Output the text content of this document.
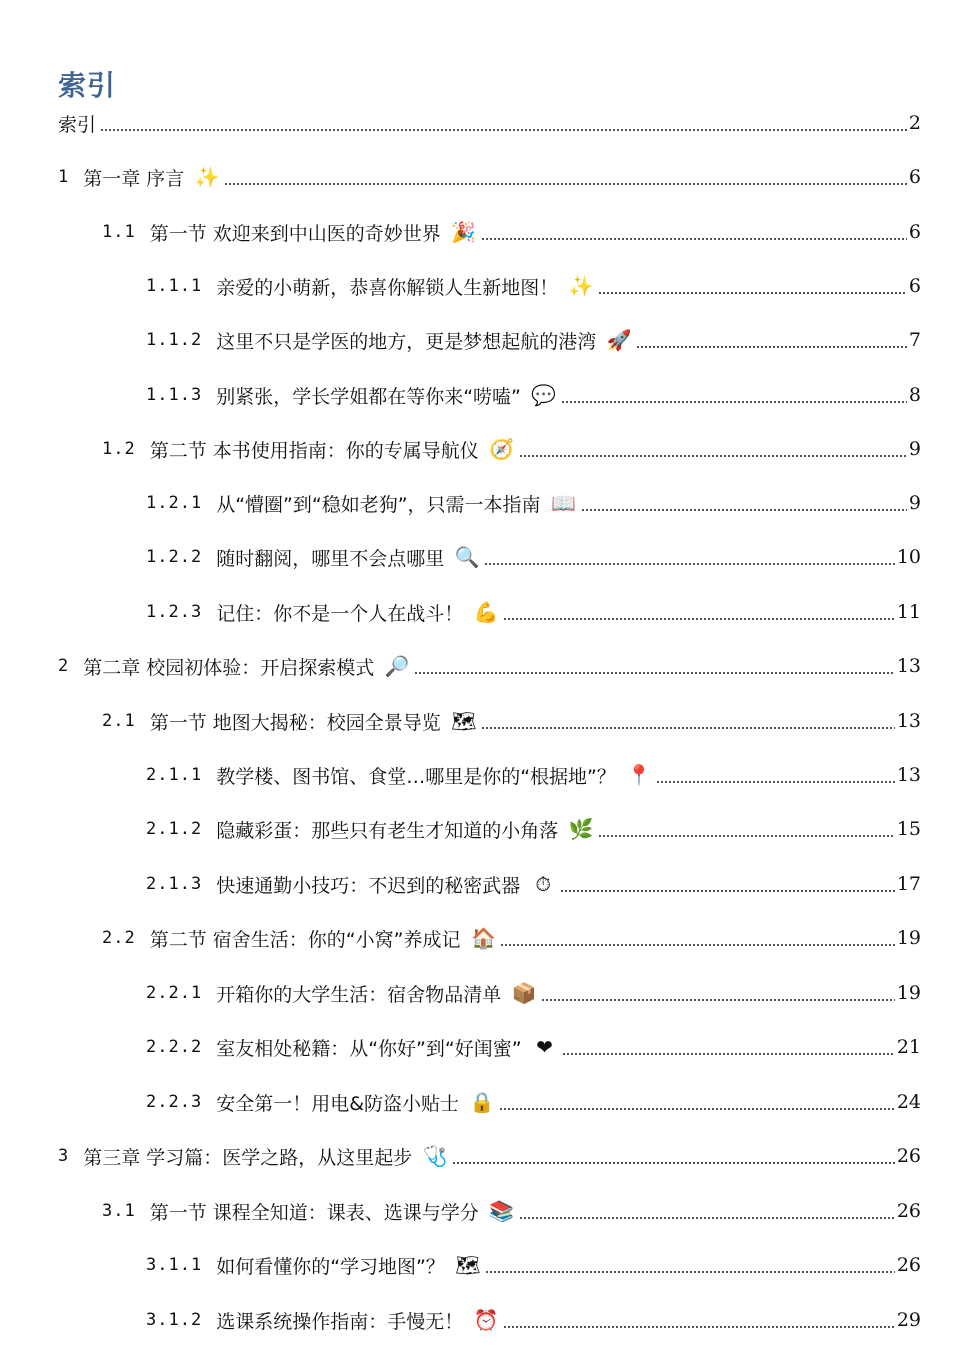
索引
索引	2
1 第一章 序言 ✨	6
1.1 第一节 欢迎来到中山医的奇妙世界 🎉	6
1.1.1 亲爱的小萌新，恭喜你解锁人生新地图！ ✨	6
1.1.2 这里不只是学医的地方，更是梦想起航的港湾 🚀	7
1.1.3 别紧张，学长学姐都在等你来“唠嗑” 💬	8
1.2 第二节 本书使用指南：你的专属导航仪 🧭	9
1.2.1 从“懵圈”到“稳如老狗”，只需一本指南 📖	9
1.2.2 随时翻阅，哪里不会点哪里 🔍	10
1.2.3 记住：你不是一个人在战斗！ 💪	11
2 第二章 校园初体验：开启探索模式 🔎	13
2.1 第一节 地图大揭秘：校园全景导览 🗺	13
2.1.1 教学楼、图书馆、食堂…哪里是你的“根据地”？ 📍	13
2.1.2 隐藏彩蛋：那些只有老生才知道的小角落 🌿	15
2.1.3 快速通勤小技巧：不迟到的秘密武器 ⏱	17
2.2 第二节 宿舍生活：你的“小窝”养成记 🏠	19
2.2.1 开箱你的大学生活：宿舍物品清单 📦	19
2.2.2 室友相处秘籍：从“你好”到“好闺蜜” ❤	21
2.2.3 安全第一！用电&防盗小贴士 🔒	24
3 第三章 学习篇：医学之路，从这里起步 🩺	26
3.1 第一节 课程全知道：课表、选课与学分 📚	26
3.1.1 如何看懂你的“学习地图”？ 🗺	26
3.1.2 选课系统操作指南：手慢无！ ⏰	29
